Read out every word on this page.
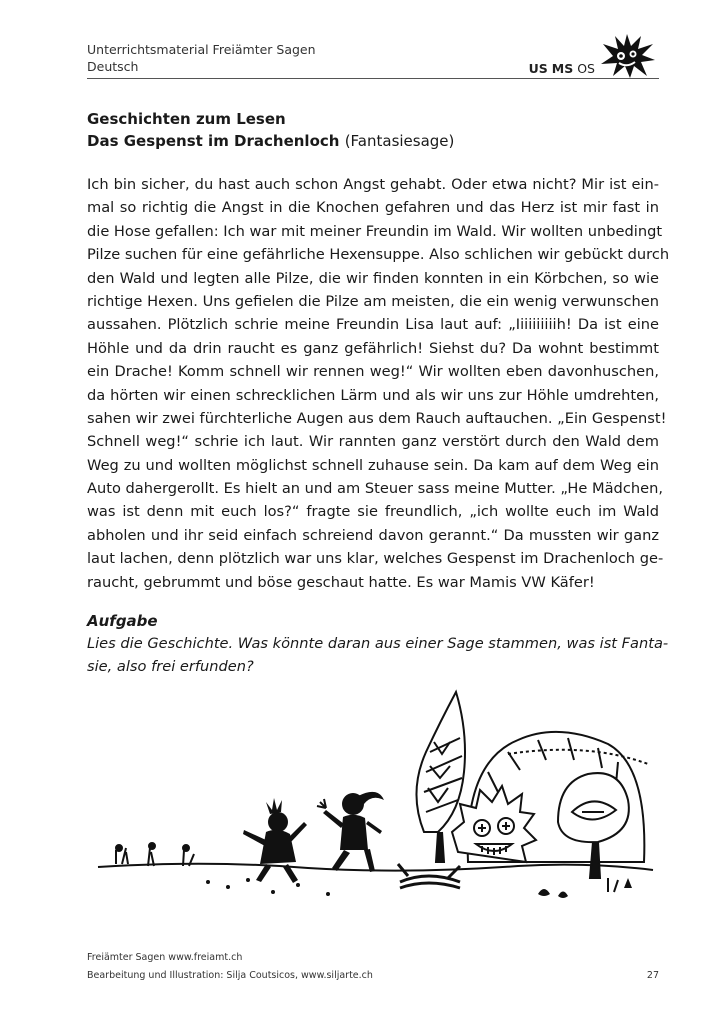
Unterrichtsmaterial Freiämter Sagen
Deutsch	US MS OS
Geschichten zum Lesen
Das Gespenst im Drachenloch (Fantasiesage)
Ich bin sicher, du hast auch schon Angst gehabt. Oder etwa nicht? Mir ist ein-
mal so richtig die Angst in die Knochen gefahren und das Herz ist mir fast in
die Hose gefallen: Ich war mit meiner Freundin im Wald. Wir wollten unbedingt
Pilze suchen für eine gefährliche Hexensuppe. Also schlichen wir gebückt durch
den Wald und legten alle Pilze, die wir finden konnten in ein Körbchen, so wie
richtige Hexen. Uns gefielen die Pilze am meisten, die ein wenig verwunschen
aussahen. Plötzlich schrie meine Freundin Lisa laut auf: „Iiiiiiiiiih! Da ist eine
Höhle und da drin raucht es ganz gefährlich! Siehst du? Da wohnt bestimmt
ein Drache! Komm schnell wir rennen weg!“ Wir wollten eben davonhuschen,
da hörten wir einen schrecklichen Lärm und als wir uns zur Höhle umdrehten,
sahen wir zwei fürchterliche Augen aus dem Rauch auftauchen. „Ein Gespenst!
Schnell weg!“ schrie ich laut. Wir rannten ganz verstört durch den Wald dem
Weg zu und wollten möglichst schnell zuhause sein. Da kam auf dem Weg ein
Auto dahergerollt. Es hielt an und am Steuer sass meine Mutter. „He Mädchen,
was ist denn mit euch los?“ fragte sie freundlich, „ich wollte euch im Wald
abholen und ihr seid einfach schreiend davon gerannt.“ Da mussten wir ganz
laut lachen, denn plötzlich war uns klar, welches Gespenst im Drachenloch ge-
raucht, gebrummt und böse geschaut hatte. Es war Mamis VW Käfer!
Aufgabe
Lies die Geschichte. Was könnte daran aus einer Sage stammen, was ist Fanta-
sie, also frei erfunden?
Freiämter Sagen www.freiamt.ch
Bearbeitung und Illustration: Silja Coutsicos, www.siljarte.ch	27
